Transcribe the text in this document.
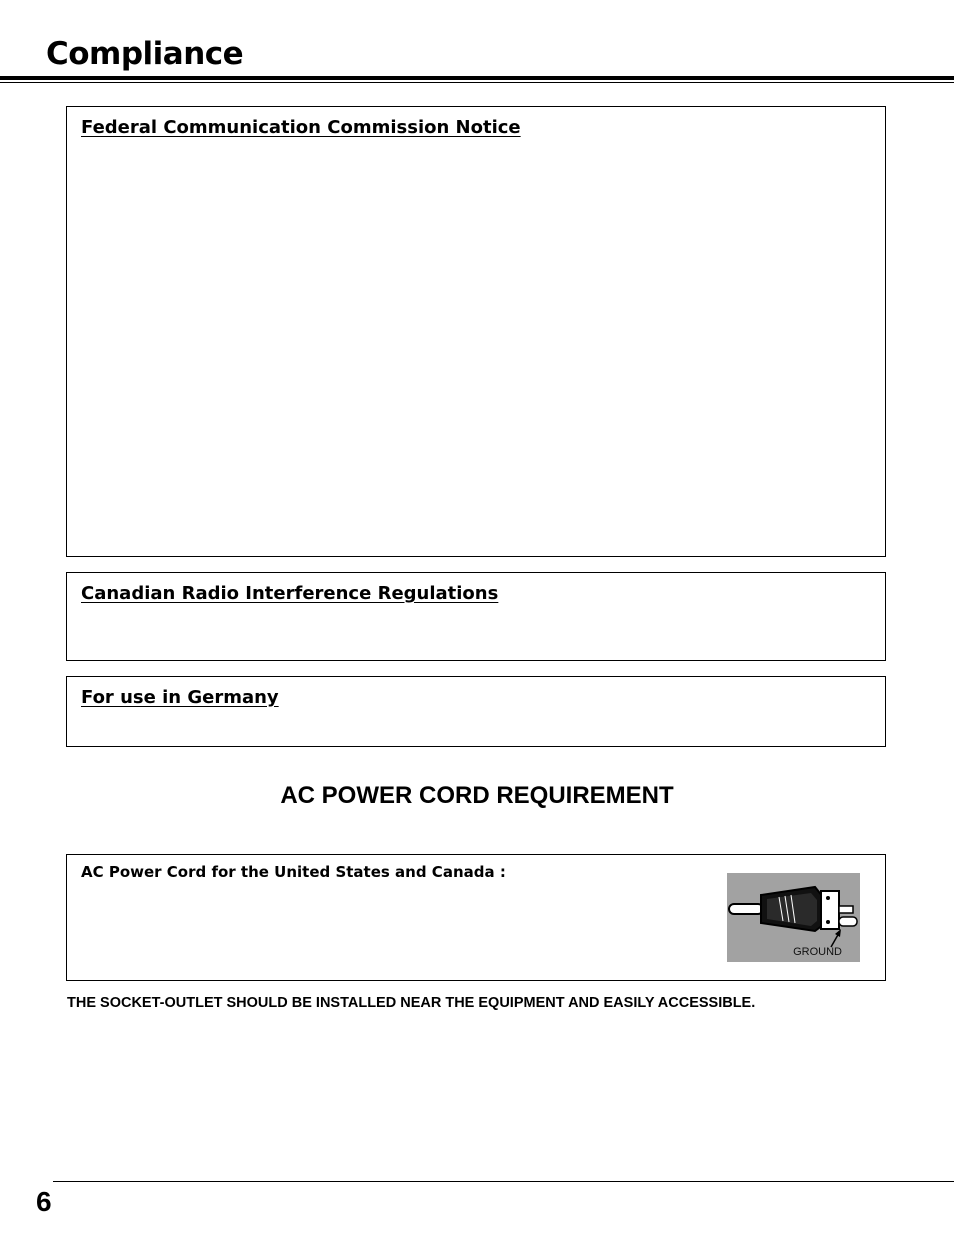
Compliance
Federal Communication Commission Notice
Canadian Radio Interference Regulations
For use in Germany
AC POWER CORD REQUIREMENT

AC Power Cord for the United States and Canada :

GROUND

THE SOCKET-OUTLET SHOULD BE INSTALLED NEAR THE EQUIPMENT AND EASILY ACCESSIBLE.

6
